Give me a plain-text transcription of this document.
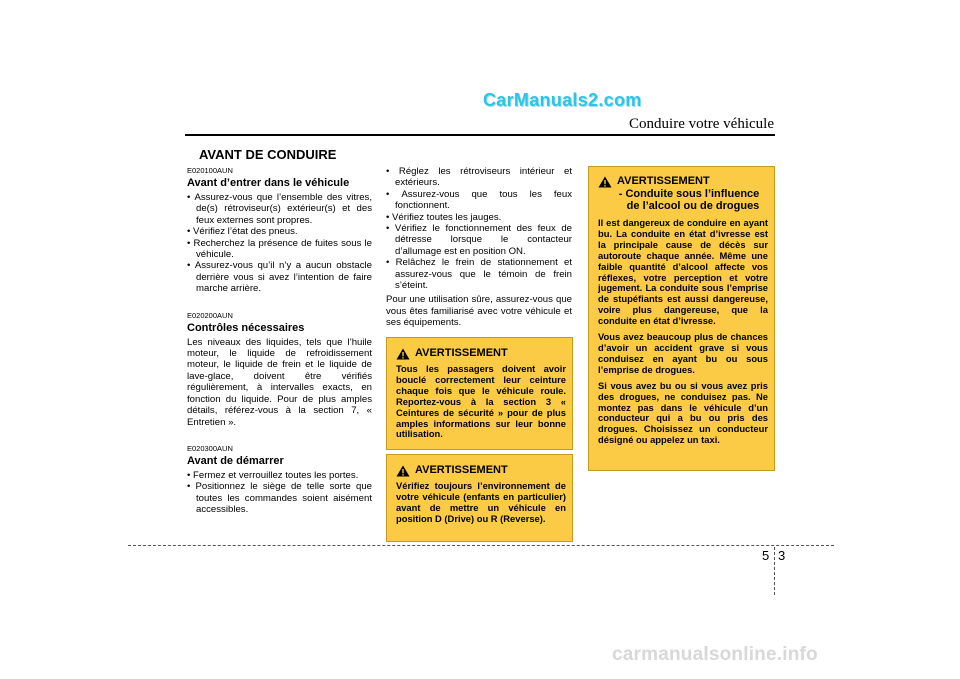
CarManuals2.com
Conduire votre véhicule
AVANT DE CONDUIRE
E020100AUN
Avant d’entrer dans le véhicule
• Assurez-vous que l’ensemble des vitres, de(s) rétroviseur(s) extérieur(s) et des feux externes sont propres.
• Vérifiez l’état des pneus.
• Recherchez la présence de fuites sous le véhicule.
• Assurez-vous qu’il n’y a aucun obstacle derrière vous si avez l’intention de faire marche arrière.
E020200AUN
Contrôles nécessaires

Les niveaux des liquides, tels que l’huile moteur, le liquide de refroidissement moteur, le liquide de frein et le liquide de lave-glace, doivent être vérifiés régulièrement, à intervalles exacts, en fonction du liquide. Pour de plus amples détails, référez-vous à la section 7, « Entretien ».

E020300AUN
Avant de démarrer
• Fermez et verrouillez toutes les portes.
• Positionnez le siège de telle sorte que toutes les commandes soient aisément accessibles.
• Réglez les rétroviseurs intérieur et extérieurs.
• Assurez-vous que tous les feux fonctionnent.
• Vérifiez toutes les jauges.
• Vérifiez le fonctionnement des feux de détresse lorsque le contacteur d’allumage est en position ON.
• Relâchez le frein de stationnement et assurez-vous que le témoin de frein s’éteint.

Pour une utilisation sûre, assurez-vous que vous êtes familiarisé avec votre véhicule et ses équipements.

AVERTISSEMENT

Tous les passagers doivent avoir bouclé correctement leur ceinture chaque fois que le véhicule roule. Reportez-vous à la section 3 « Ceintures de sécurité » pour de plus amples informations sur leur bonne utilisation.

AVERTISSEMENT

Vérifiez toujours l’environnement de votre véhicule (enfants en particulier) avant de mettre un véhicule en position D (Drive) ou R (Reverse).

AVERTISSEMENT
- Conduite sous l’influence
de l’alcool ou de drogues

Il est dangereux de conduire en ayant bu. La conduite en état d’ivresse est la principale cause de décès sur autoroute chaque année. Même une faible quantité d’alcool affecte vos réflexes, votre perception et votre jugement. La conduite sous l’emprise de stupéfiants est aussi dangereuse, voire plus dangereuse, que la conduite en état d’ivresse.

Vous avez beaucoup plus de chances d’avoir un accident grave si vous conduisez en ayant bu ou sous l’emprise de drogues.

Si vous avez bu ou si vous avez pris des drogues, ne conduisez pas. Ne montez pas dans le véhicule d’un conducteur qui a bu ou pris des drogues. Choisissez un conducteur désigné ou appelez un taxi.

5 3
carmanualsonline.info
